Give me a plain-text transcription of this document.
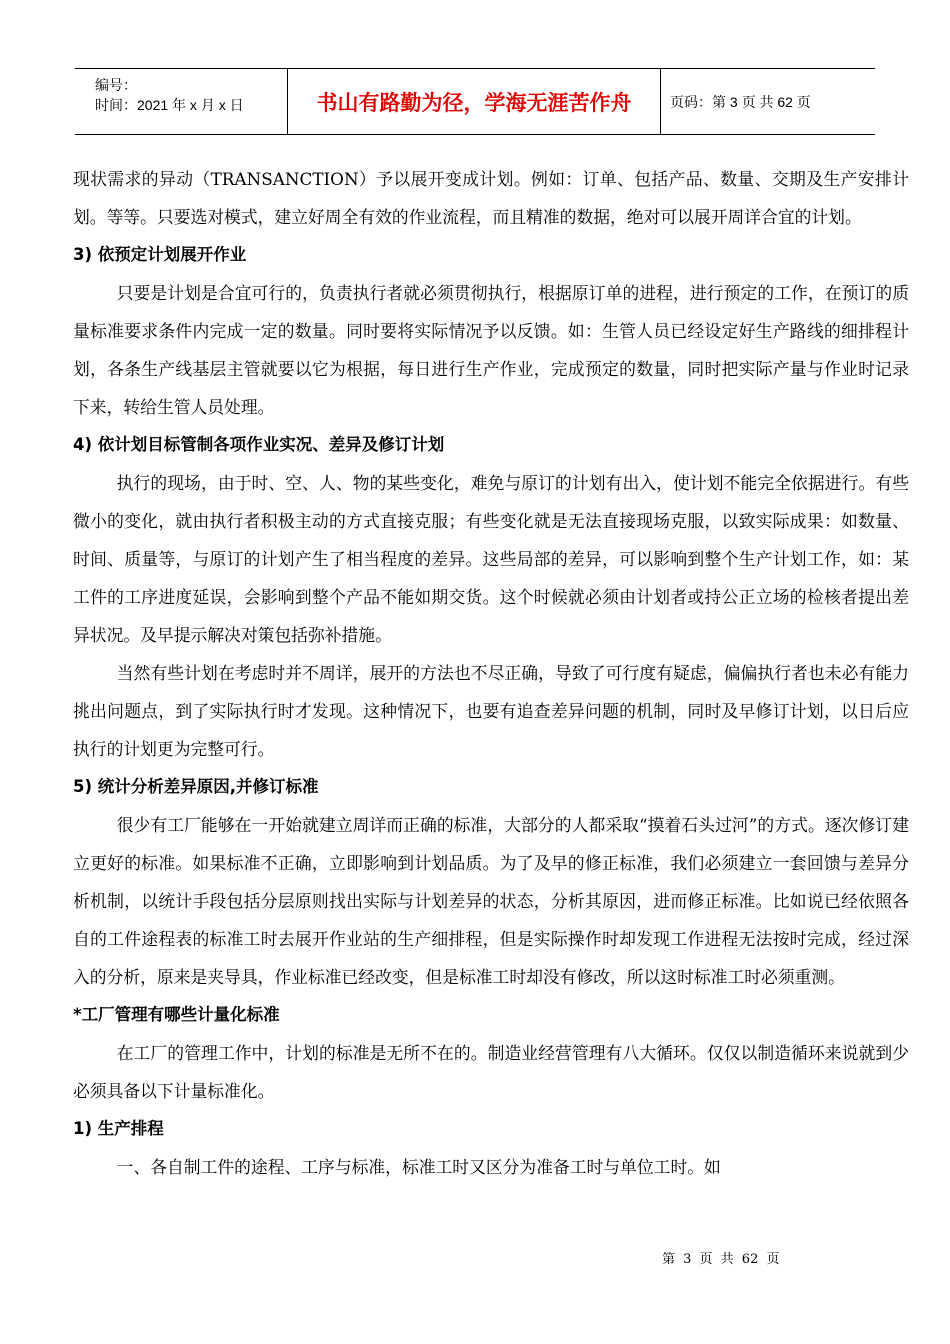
编号：
时间：2021 年 x 月 x 日	书山有路勤为径，学海无涯苦作舟	页码：第 3 页 共 62 页

现状需求的异动（TRANSANCTION）予以展开变成计划。例如：订单、包括产品、数量、交期及生产安排计划。等等。只要选对模式，建立好周全有效的作业流程，而且精准的数据，绝对可以展开周详合宜的计划。

3) 依预定计划展开作业

只要是计划是合宜可行的，负责执行者就必须贯彻执行，根据原订单的进程，进行预定的工作，在预订的质量标准要求条件内完成一定的数量。同时要将实际情况予以反馈。如：生管人员已经设定好生产路线的细排程计划，各条生产线基层主管就要以它为根据，每日进行生产作业，完成预定的数量，同时把实际产量与作业时记录下来，转给生管人员处理。

4) 依计划目标管制各项作业实况、差异及修订计划

执行的现场，由于时、空、人、物的某些变化，难免与原订的计划有出入，使计划不能完全依据进行。有些微小的变化，就由执行者积极主动的方式直接克服；有些变化就是无法直接现场克服，以致实际成果：如数量、时间、质量等，与原订的计划产生了相当程度的差异。这些局部的差异，可以影响到整个生产计划工作，如：某工件的工序进度延误，会影响到整个产品不能如期交货。这个时候就必须由计划者或持公正立场的检核者提出差异状况。及早提示解决对策包括弥补措施。

当然有些计划在考虑时并不周详，展开的方法也不尽正确，导致了可行度有疑虑，偏偏执行者也未必有能力挑出问题点，到了实际执行时才发现。这种情况下，也要有追查差异问题的机制，同时及早修订计划，以日后应执行的计划更为完整可行。

5) 统计分析差异原因,并修订标准

很少有工厂能够在一开始就建立周详而正确的标准，大部分的人都采取“摸着石头过河”的方式。逐次修订建立更好的标准。如果标准不正确，立即影响到计划品质。为了及早的修正标准，我们必须建立一套回馈与差异分析机制，以统计手段包括分层原则找出实际与计划差异的状态，分析其原因，进而修正标准。比如说已经依照各自的工件途程表的标准工时去展开作业站的生产细排程，但是实际操作时却发现工作进程无法按时完成，经过深入的分析，原来是夹导具，作业标准已经改变，但是标准工时却没有修改，所以这时标准工时必须重测。

*工厂管理有哪些计量化标准

在工厂的管理工作中，计划的标准是无所不在的。制造业经营管理有八大循环。仅仅以制造循环来说就到少必须具备以下计量标准化。

1) 生产排程

一、各自制工件的途程、工序与标准，标准工时又区分为准备工时与单位工时。如

第 3 页 共 62 页
